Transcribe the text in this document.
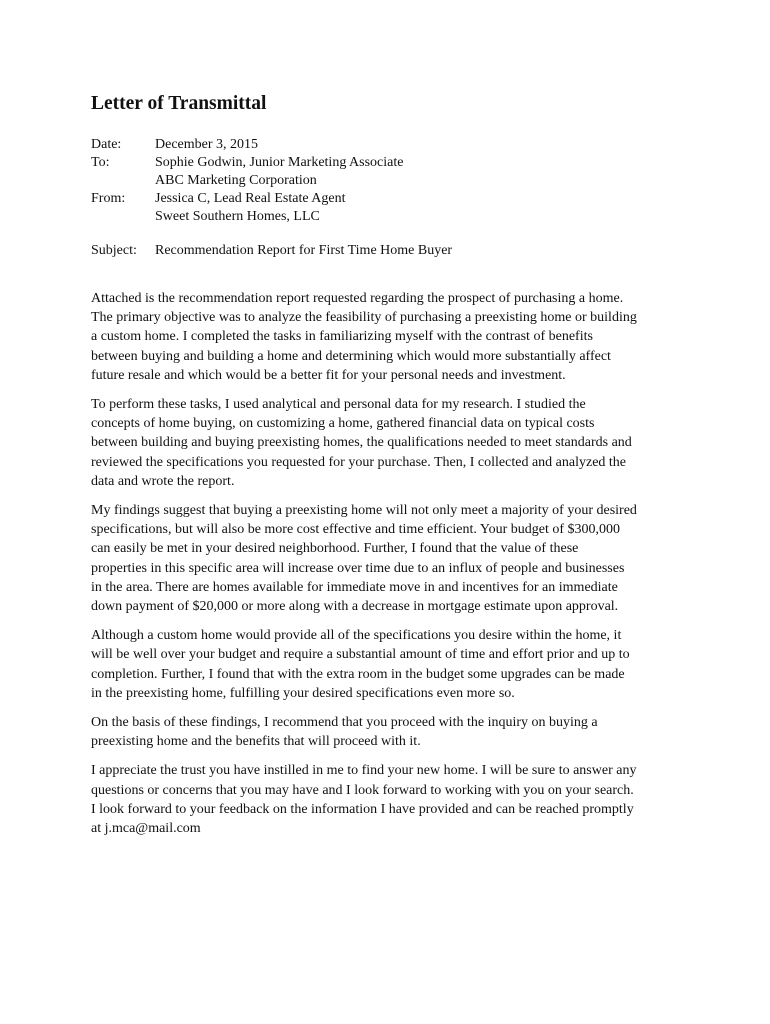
Letter of Transmittal
Date:	December 3, 2015
To:	Sophie Godwin, Junior Marketing Associate
ABC Marketing Corporation
From:	Jessica C, Lead Real Estate Agent
Sweet Southern Homes, LLC
Subject:	Recommendation Report for First Time Home Buyer

Attached is the recommendation report requested regarding the prospect of purchasing a home.
The primary objective was to analyze the feasibility of purchasing a preexisting home or building
a custom home. I completed the tasks in familiarizing myself with the contrast of benefits
between buying and building a home and determining which would more substantially affect
future resale and which would be a better fit for your personal needs and investment.

To perform these tasks, I used analytical and personal data for my research. I studied the
concepts of home buying, on customizing a home, gathered financial data on typical costs
between building and buying preexisting homes, the qualifications needed to meet standards and
reviewed the specifications you requested for your purchase. Then, I collected and analyzed the
data and wrote the report.

My findings suggest that buying a preexisting home will not only meet a majority of your desired
specifications, but will also be more cost effective and time efficient. Your budget of $300,000
can easily be met in your desired neighborhood. Further, I found that the value of these
properties in this specific area will increase over time due to an influx of people and businesses
in the area. There are homes available for immediate move in and incentives for an immediate
down payment of $20,000 or more along with a decrease in mortgage estimate upon approval.

Although a custom home would provide all of the specifications you desire within the home, it
will be well over your budget and require a substantial amount of time and effort prior and up to
completion. Further, I found that with the extra room in the budget some upgrades can be made
in the preexisting home, fulfilling your desired specifications even more so.

On the basis of these findings, I recommend that you proceed with the inquiry on buying a
preexisting home and the benefits that will proceed with it.

I appreciate the trust you have instilled in me to find your new home. I will be sure to answer any
questions or concerns that you may have and I look forward to working with you on your search.
I look forward to your feedback on the information I have provided and can be reached promptly
at j.mca@mail.com
